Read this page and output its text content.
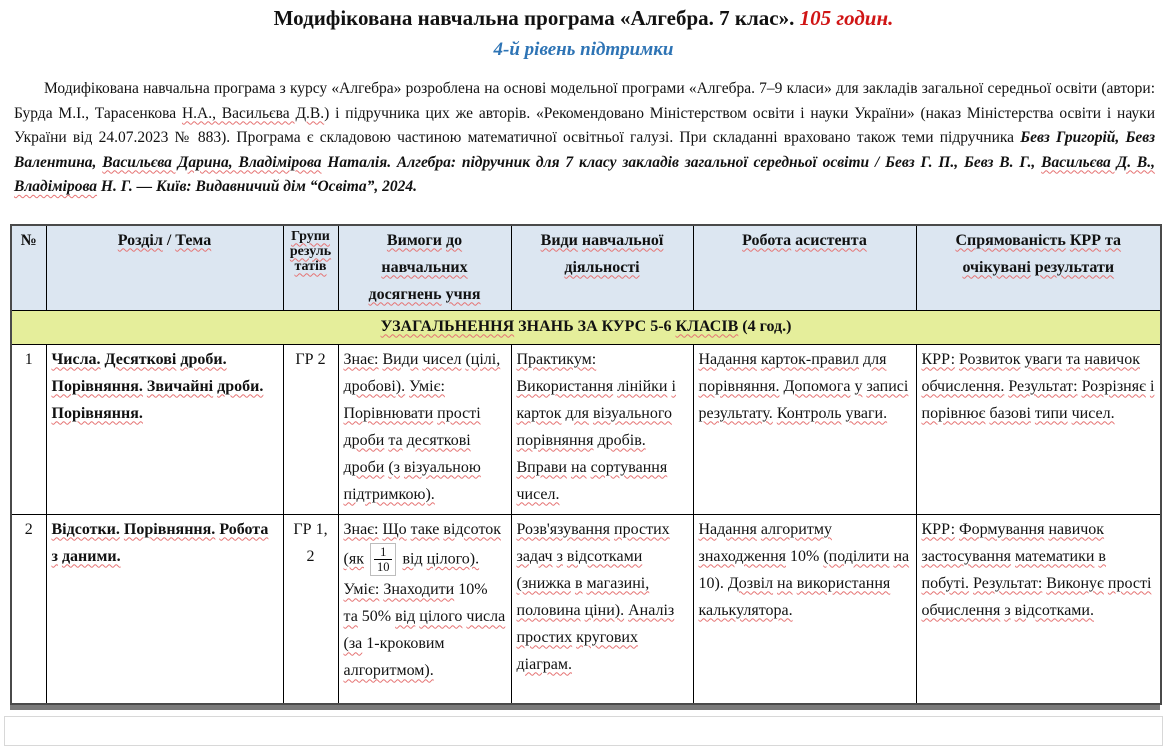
Модифікована навчальна програма «Алгебра. 7 клас». 105 годин.
4-й рівень підтримки

Модифікована навчальна програма з курсу «Алгебра» розроблена на основі модельної програми «Алгебра. 7–9 класи» для закладів загальної середньої освіти (автори: Бурда М.І., Тарасенкова Н.А., Васильєва Д.В.) і підручника цих же авторів. «Рекомендовано Міністерством освіти і науки України» (наказ Міністерства освіти і науки України від 24.07.2023 № 883). Програма є складовою частиною математичної освітньої галузі. При складанні враховано також теми підручника Бевз Григорій, Бевз Валентина, Васильєва Дарина, Владімірова Наталія. Алгебра: підручник для 7 класу закладів загальної середньої освіти / Бевз Г. П., Бевз В. Г., Васильєва Д. В., Владімірова Н. Г. — Київ: Видавничий дім “Освіта”, 2024.

№	Розділ / Тема	Групи результатів	Вимоги до навчальних досягнень учня	Види навчальної діяльності	Робота асистента	Спрямованість КРР та очікувані результати
УЗАГАЛЬНЕННЯ ЗНАНЬ ЗА КУРС 5-6 КЛАСІВ (4 год.)						
1	Числа. Десяткові дроби. Порівняння. Звичайні дроби. Порівняння.	ГР 2	Знає: Види чисел (цілі, дробові). Уміє: Порівнювати прості дроби та десяткові дроби (з візуальною підтримкою).	Практикум: Використання лінійки і карток для візуального порівняння дробів. Вправи на сортування чисел.	Надання карток-правил для порівняння. Допомога у записі результату. Контроль уваги.	КРР: Розвиток уваги та навичок обчислення. Результат: Розрізняє і порівнює базові типи чисел.
2	Відсотки. Порівняння. Робота з даними.	ГР 1, 2	Знає: Що таке відсоток ($як \frac{1}{10}$ від цілого). Уміє: Знаходити 10% та 50% від цілого числа (за 1-кроковим алгоритмом).	Розв'язування простих задач з відсотками (знижка в магазині, половина ціни). Аналіз простих кругових діаграм.	Надання алгоритму знаходження 10% (поділити на 10). Дозвіл на використання калькулятора.	КРР: Формування навичок застосування математики в побуті. Результат: Виконує прості обчислення з відсотками.
